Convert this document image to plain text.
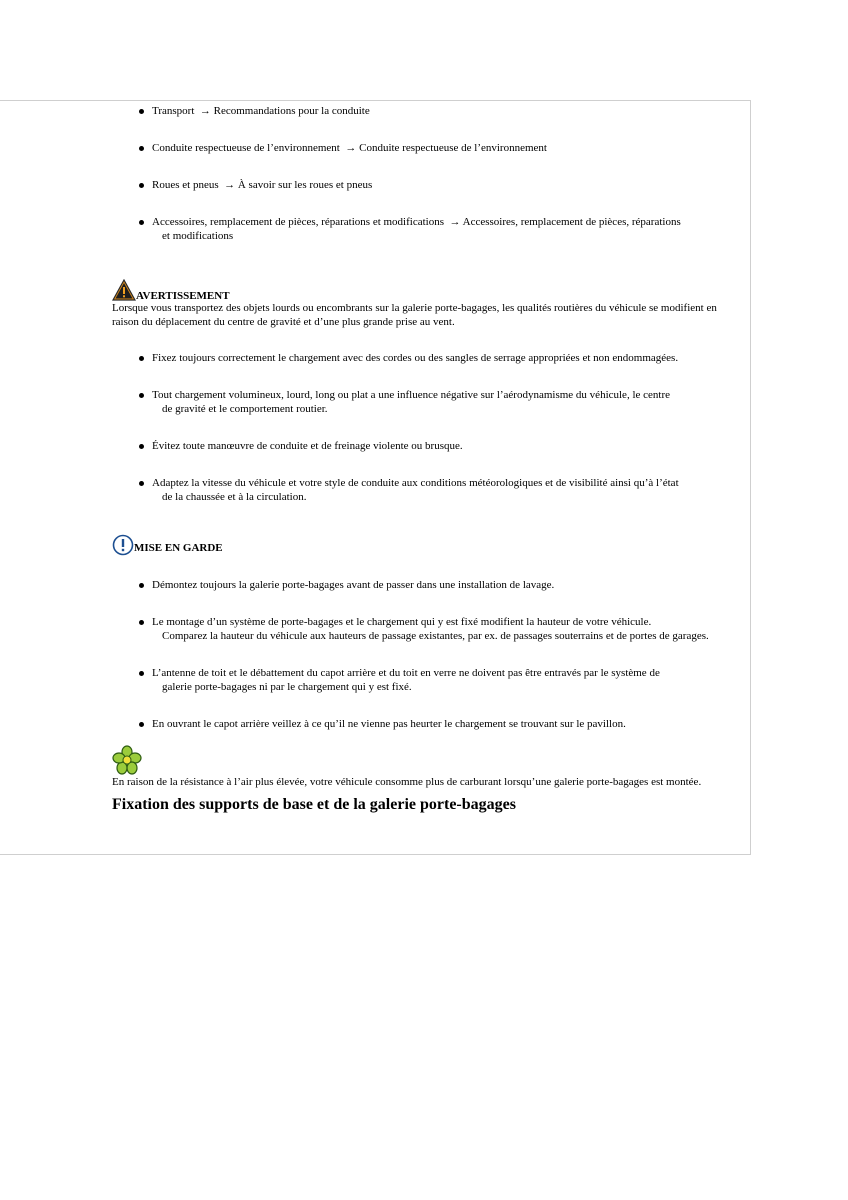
Transport → Recommandations pour la conduite
Conduite respectueuse de l’environnement → Conduite respectueuse de l’environnement
Roues et pneus → À savoir sur les roues et pneus
Accessoires, remplacement de pièces, réparations et modifications → Accessoires, remplacement de pièces, réparations
et modifications
AVERTISSEMENT

Lorsque vous transportez des objets lourds ou encombrants sur la galerie porte-bagages, les qualités routières du véhicule se modifient en raison du déplacement du centre de gravité et d’une plus grande prise au vent.

Fixez toujours correctement le chargement avec des cordes ou des sangles de serrage appropriées et non endommagées.
Tout chargement volumineux, lourd, long ou plat a une influence négative sur l’aérodynamisme du véhicule, le centre
de gravité et le comportement routier.
Évitez toute manœuvre de conduite et de freinage violente ou brusque.
Adaptez la vitesse du véhicule et votre style de conduite aux conditions météorologiques et de visibilité ainsi qu’à l’état
de la chaussée et à la circulation.
MISE EN GARDE
Démontez toujours la galerie porte-bagages avant de passer dans une installation de lavage.
Le montage d’un système de porte-bagages et le chargement qui y est fixé modifient la hauteur de votre véhicule.
Comparez la hauteur du véhicule aux hauteurs de passage existantes, par ex. de passages souterrains et de portes de garages.
L’antenne de toit et le débattement du capot arrière et du toit en verre ne doivent pas être entravés par le système de
galerie porte-bagages ni par le chargement qui y est fixé.
En ouvrant le capot arrière veillez à ce qu’il ne vienne pas heurter le chargement se trouvant sur le pavillon.

En raison de la résistance à l’air plus élevée, votre véhicule consomme plus de carburant lorsqu’une galerie porte-bagages est montée.

Fixation des supports de base et de la galerie porte-bagages
